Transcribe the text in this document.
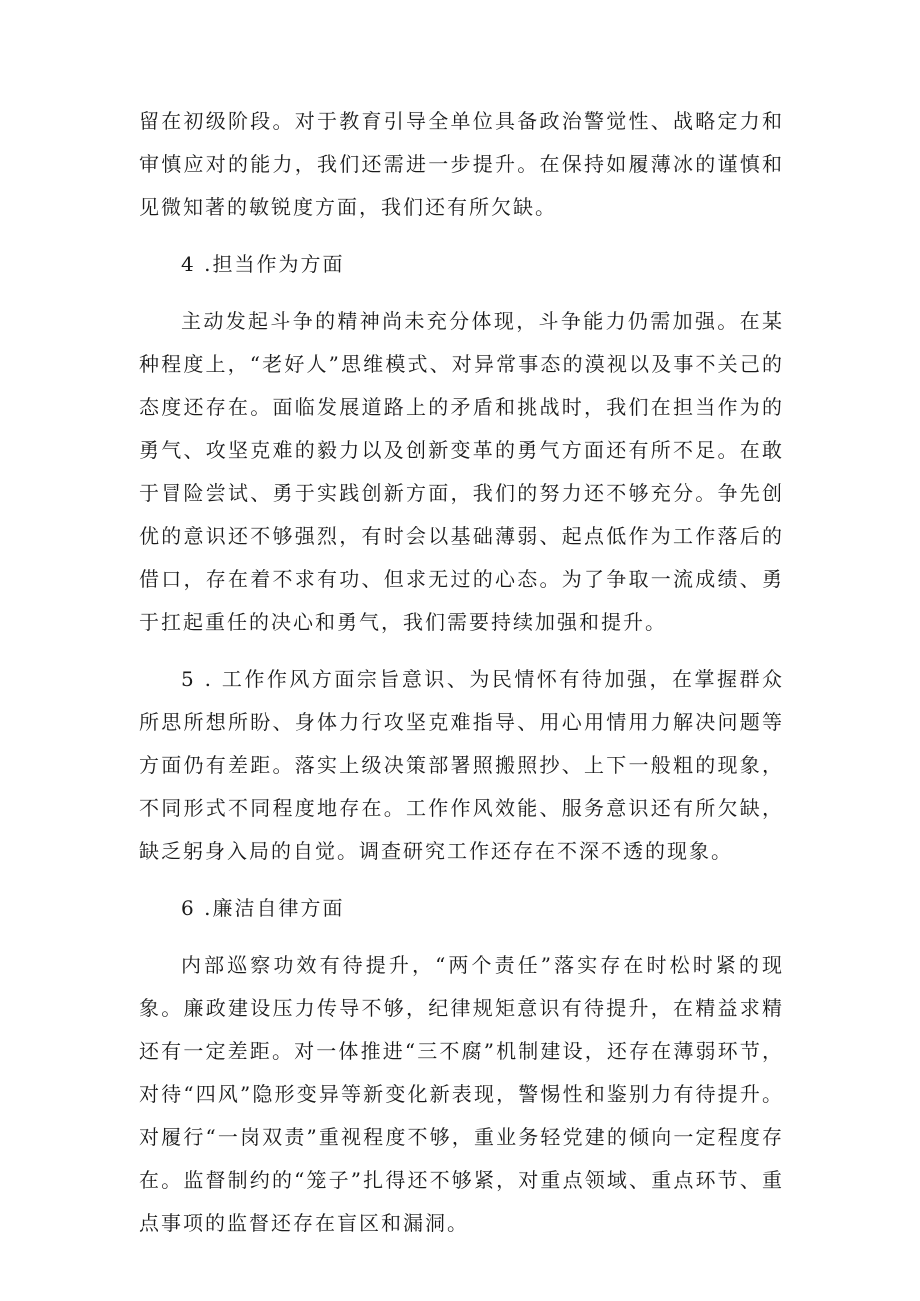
留在初级阶段。对于教育引导全单位具备政治警觉性、战略定力和审慎应对的能力，我们还需进一步提升。在保持如履薄冰的谨慎和见微知著的敏锐度方面，我们还有所欠缺。

4 .担当作为方面

主动发起斗争的精神尚未充分体现，斗争能力仍需加强。在某种程度上，“老好人”思维模式、对异常事态的漠视以及事不关己的态度还存在。面临发展道路上的矛盾和挑战时，我们在担当作为的勇气、攻坚克难的毅力以及创新变革的勇气方面还有所不足。在敢于冒险尝试、勇于实践创新方面，我们的努力还不够充分。争先创优的意识还不够强烈，有时会以基础薄弱、起点低作为工作落后的借口，存在着不求有功、但求无过的心态。为了争取一流成绩、勇于扛起重任的决心和勇气，我们需要持续加强和提升。

5 . 工作作风方面宗旨意识、为民情怀有待加强，在掌握群众所思所想所盼、身体力行攻坚克难指导、用心用情用力解决问题等方面仍有差距。落实上级决策部署照搬照抄、上下一般粗的现象，不同形式不同程度地存在。工作作风效能、服务意识还有所欠缺，缺乏躬身入局的自觉。调查研究工作还存在不深不透的现象。

6 .廉洁自律方面

内部巡察功效有待提升，“两个责任”落实存在时松时紧的现象。廉政建设压力传导不够，纪律规矩意识有待提升，在精益求精还有一定差距。对一体推进“三不腐”机制建设，还存在薄弱环节，对待“四风”隐形变异等新变化新表现，警惕性和鉴别力有待提升。对履行“一岗双责”重视程度不够，重业务轻党建的倾向一定程度存在。监督制约的“笼子”扎得还不够紧，对重点领域、重点环节、重点事项的监督还存在盲区和漏洞。
